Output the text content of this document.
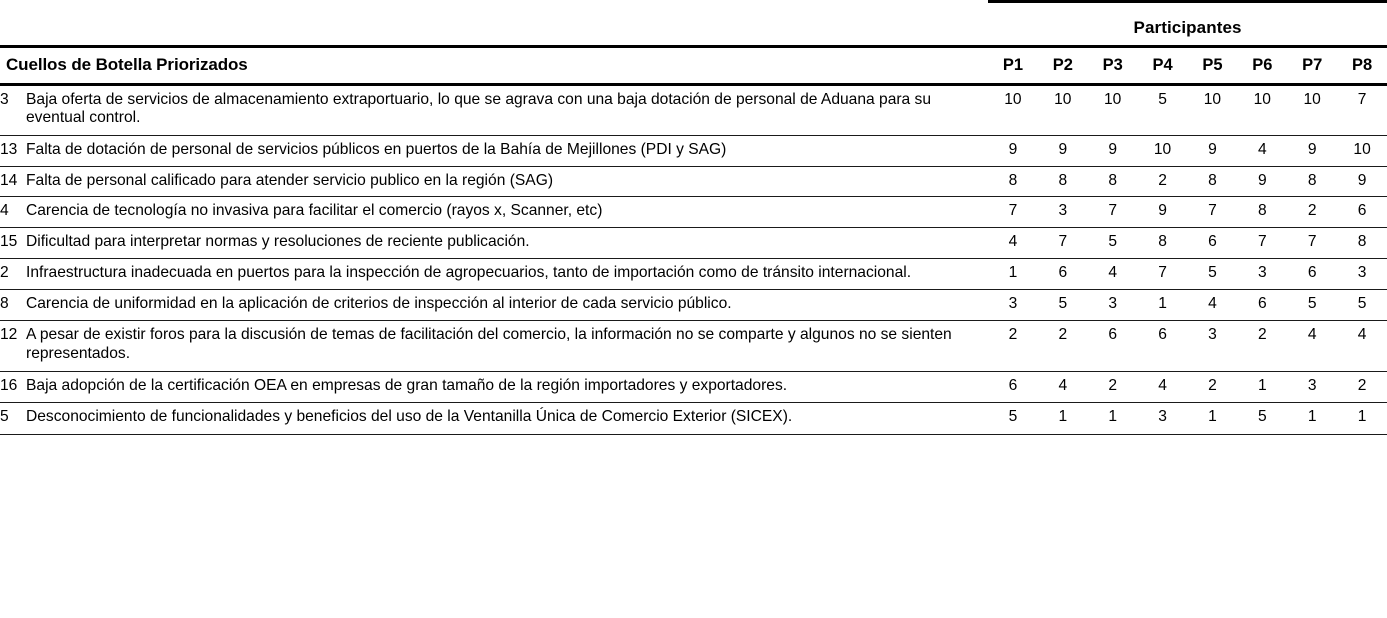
		Participantes							
Cuellos de Botella Priorizados		P1	P2	P3	P4	P5	P6	P7	P8
3	Baja oferta de servicios de almacenamiento extraportuario, lo que se agrava con una baja dotación de personal de Aduana para su eventual control.	10	10	10	5	10	10	10	7
13	Falta de dotación de personal de servicios públicos en puertos de la Bahía de Mejillones (PDI y SAG)	9	9	9	10	9	4	9	10
14	Falta de personal calificado para atender servicio publico en la región (SAG)	8	8	8	2	8	9	8	9
4	Carencia de tecnología no invasiva para facilitar el comercio (rayos x, Scanner, etc)	7	3	7	9	7	8	2	6
15	Dificultad para interpretar normas y resoluciones de reciente publicación.	4	7	5	8	6	7	7	8
2	Infraestructura inadecuada en puertos para la inspección de agropecuarios, tanto de importación como de tránsito internacional.	1	6	4	7	5	3	6	3
8	Carencia de uniformidad en la aplicación de criterios de inspección al interior de cada servicio público.	3	5	3	1	4	6	5	5
12	A pesar de existir foros para la discusión de temas de facilitación del comercio, la información no se comparte y algunos no se sienten representados.	2	2	6	6	3	2	4	4
16	Baja adopción de la certificación OEA en empresas de gran tamaño de la región importadores y exportadores.	6	4	2	4	2	1	3	2
5	Desconocimiento de funcionalidades y beneficios del uso de la Ventanilla Única de Comercio Exterior (SICEX).	5	1	1	3	1	5	1	1
